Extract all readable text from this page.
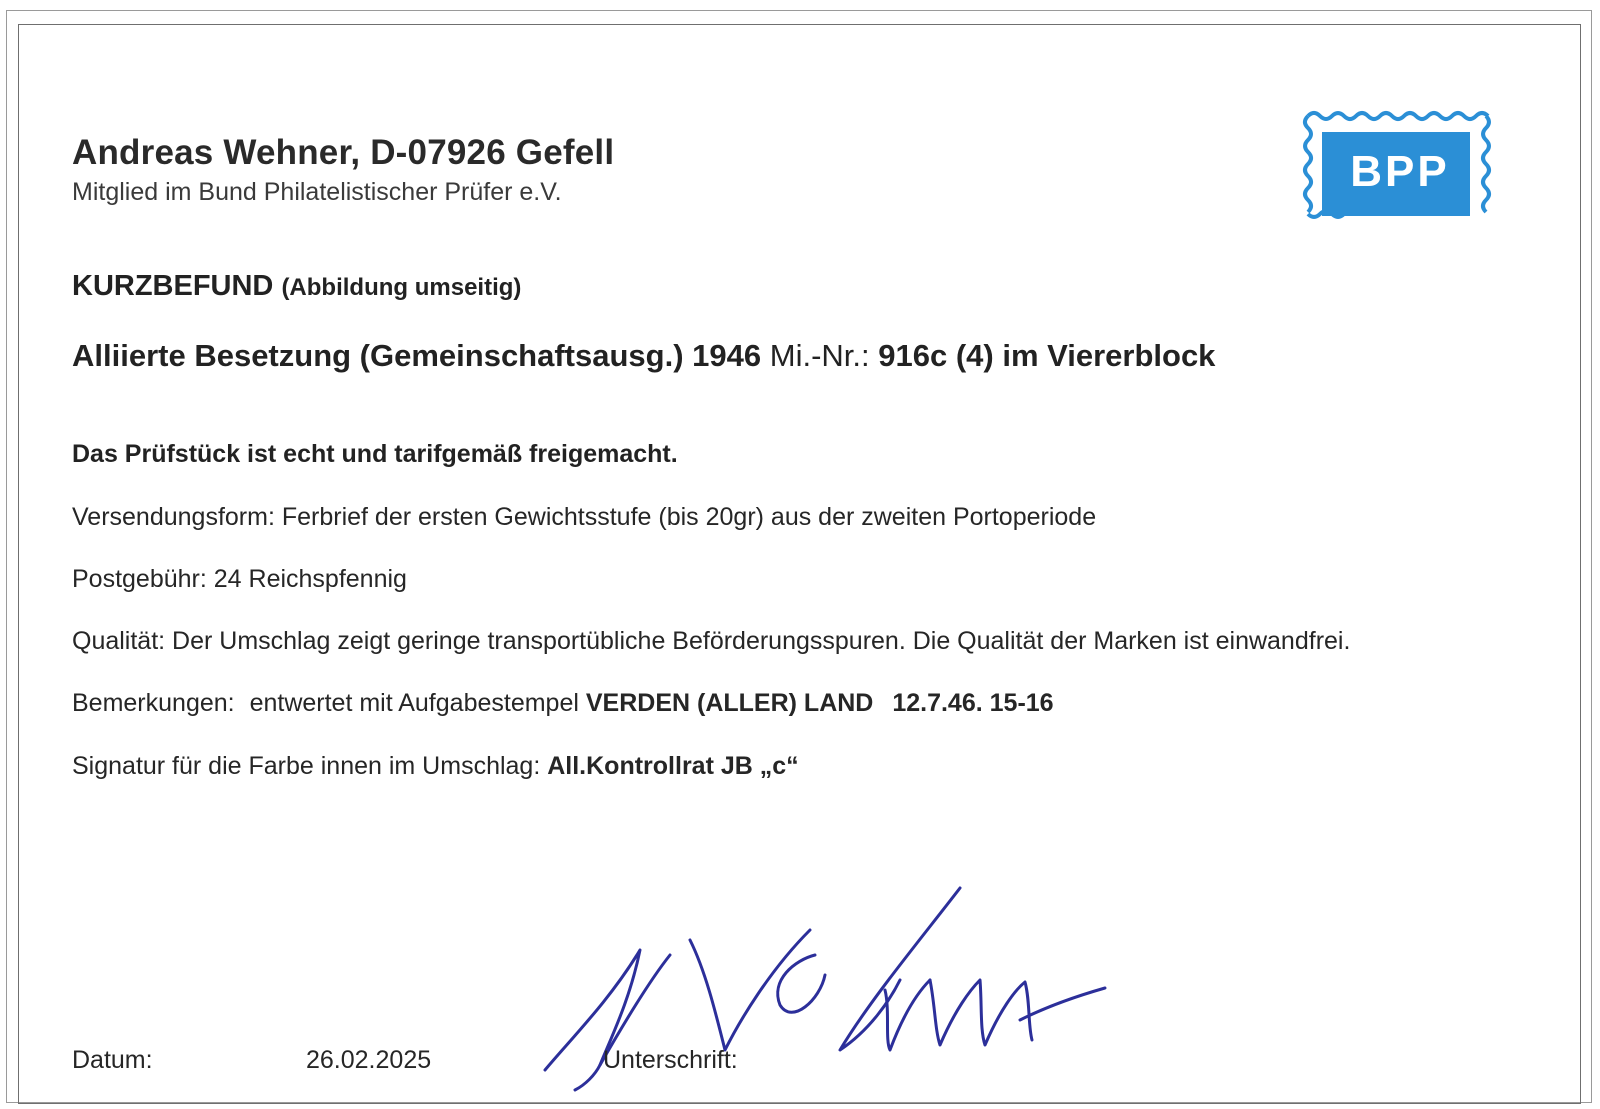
Andreas Wehner, D-07926 Gefell
Mitglied im Bund Philatelistischer Prüfer e.V.	BPP
KURZBEFUND (Abbildung umseitig)
Alliierte Besetzung (Gemeinschaftsausg.) 1946 Mi.-Nr.: 916c (4) im Viererblock
Das Prüfstück ist echt und tarifgemäß freigemacht.
Versendungsform: Ferbrief der ersten Gewichtsstufe (bis 20gr) aus der zweiten Portoperiode
Postgebühr: 24 Reichspfennig
Qualität: Der Umschlag zeigt geringe transportübliche Beförderungsspuren. Die Qualität der Marken ist einwandfrei.
Bemerkungen: entwertet mit Aufgabestempel VERDEN (ALLER) LAND 12.7.46. 15-16
Signatur für die Farbe innen im Umschlag: All.Kontrollrat JB „c“
Datum:	26.02.2025	Unterschrift:
